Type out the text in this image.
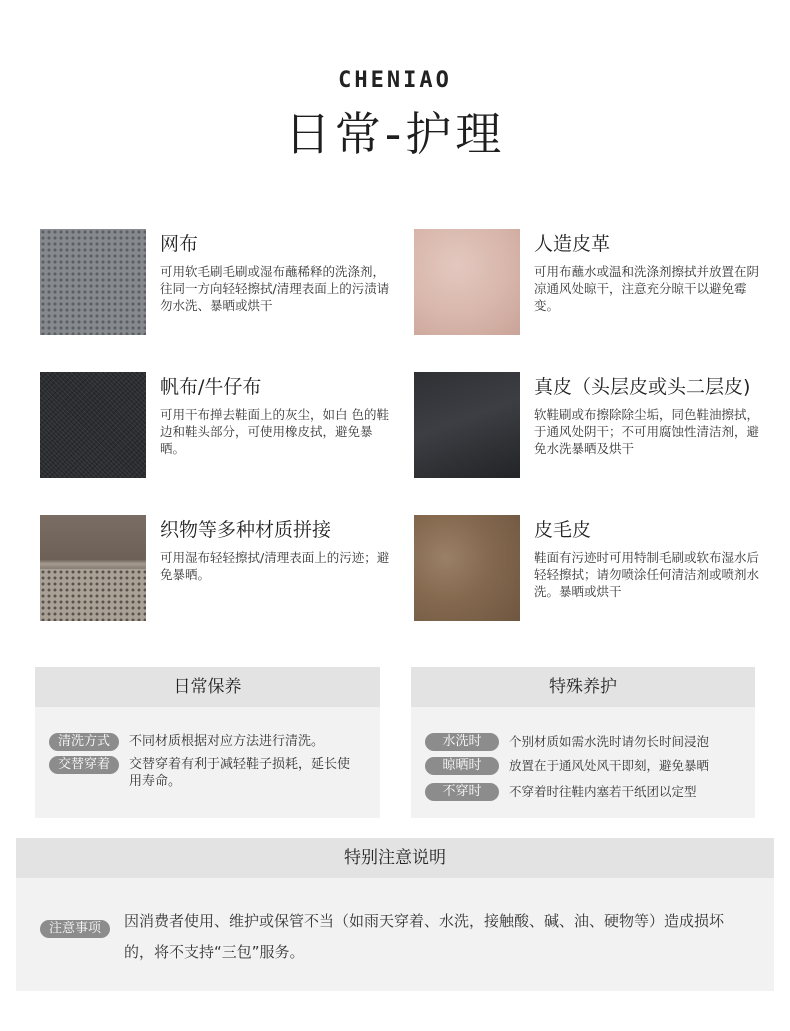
CHENIAO
日常-护理
网布
可用软毛刷毛刷或湿布蘸稀释的洗涤剂，往同一方向轻轻擦拭/清理表面上的污渍请勿水洗、暴晒或烘干
人造皮革
可用布蘸水或温和洗涤剂擦拭并放置在阴凉通风处晾干，注意充分晾干以避免霉变。
帆布/牛仔布
可用干布掸去鞋面上的灰尘，如白 色的鞋边和鞋头部分，可使用橡皮拭，避免暴晒。
真皮（头层皮或头二层皮)
软鞋刷或布擦除除尘垢，同色鞋油擦拭，于通风处阴干；不可用腐蚀性清洁剂，避免水洗暴晒及烘干
织物等多种材质拼接
可用湿布轻轻擦拭/清理表面上的污迹；避免暴晒。
皮毛皮
鞋面有污迹时可用特制毛刷或软布湿水后轻轻擦拭；请勿喷涂任何清洁剂或喷剂水洗。暴晒或烘干
日常保养
清洗方式	不同材质根据对应方法进行清洗。
交替穿着	交替穿着有利于减轻鞋子损耗，延长使用寿命。
特殊养护
水洗时	个别材质如需水洗时请勿长时间浸泡
晾晒时	放置在于通风处风干即刻，避免暴晒
不穿时	不穿着时往鞋内塞若干纸团以定型
特别注意说明
注意事项	因消费者使用、维护或保管不当（如雨天穿着、水洗，接触酸、碱、油、硬物等）造成损坏的，将不支持“三包”服务。
